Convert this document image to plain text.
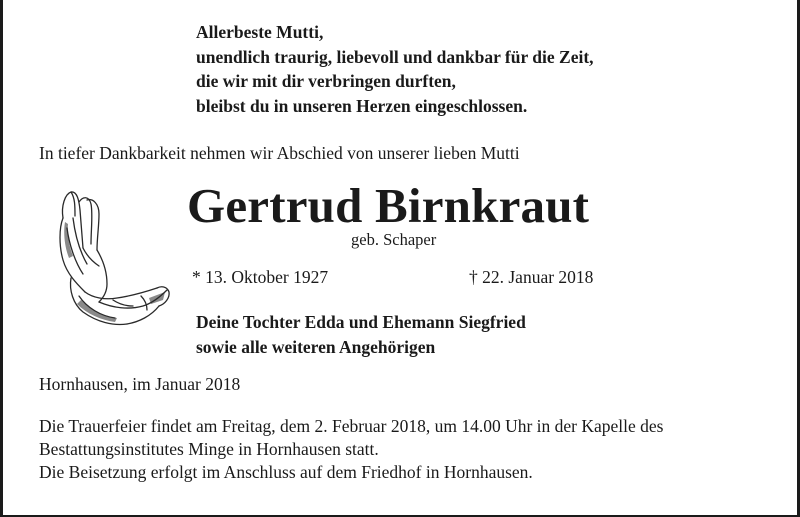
Allerbeste Mutti,
unendlich traurig, liebevoll und dankbar für die Zeit,
die wir mit dir verbringen durften,
bleibst du in unseren Herzen eingeschlossen.

In tiefer Dankbarkeit nehmen wir Abschied von unserer lieben Mutti

Gertrud Birnkraut

geb. Schaper

* 13. Oktober 1927	† 22. Januar 2018

Deine Tochter Edda und Ehemann Siegfried
sowie alle weiteren Angehörigen

Hornhausen, im Januar 2018

Die Trauerfeier findet am Freitag, dem 2. Februar 2018, um 14.00 Uhr in der Kapelle des
Bestattungsinstitutes Minge in Hornhausen statt.
Die Beisetzung erfolgt im Anschluss auf dem Friedhof in Hornhausen.
